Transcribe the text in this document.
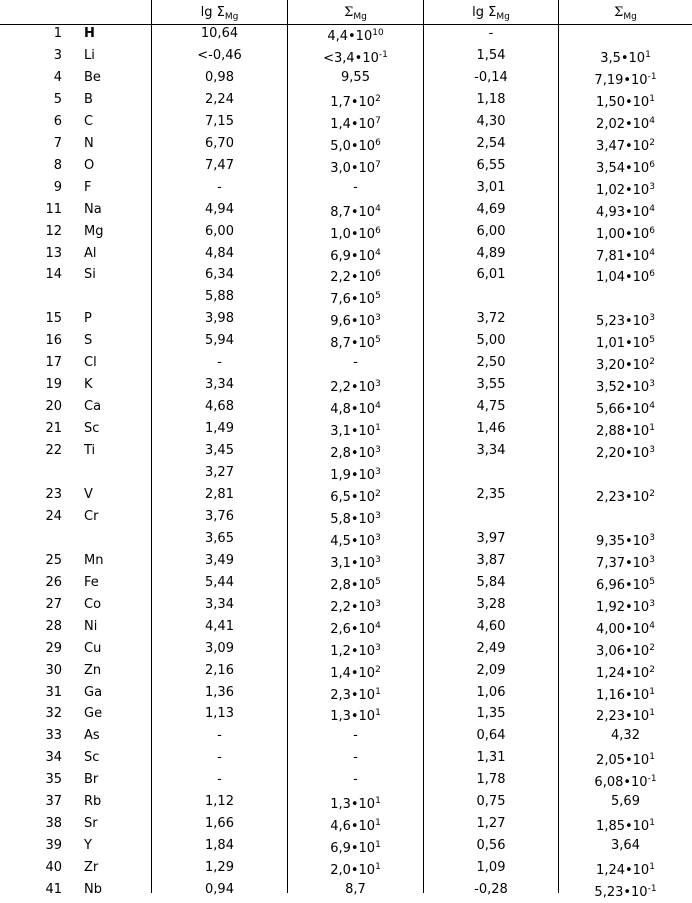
$\lg \Sigma_{Mg}$	$\Sigma_{Mg}$	$\lg \Sigma_{Mg}$	$\Sigma_{Mg}$
1 H	10,64	$4,4•10^{10}$	-
3 Li	<-0,46	$<3,4•10^{-1}$	1,54	$3,5•10^1$
4 Be	0,98	9,55	-0,14	$7,19•10^{-1}$
5 B	2,24	$1,7•10^2$	1,18	$1,50•10^1$
6 C	7,15	$1,4•10^7$	4,30	$2,02•10^4$
7 N	6,70	$5,0•10^6$	2,54	$3,47•10^2$
8 O	7,47	$3,0•10^7$	6,55	$3,54•10^6$
9 F	-	-	3,01	$1,02•10^3$
11 Na	4,94	$8,7•10^4$	4,69	$4,93•10^4$
12 Mg	6,00	$1,0•10^6$	6,00	$1,00•10^6$
13 Al	4,84	$6,9•10^4$	4,89	$7,81•10^4$
14 Si	6,34	$2,2•10^6$	6,01	$1,04•10^6$
5,88	$7,6•10^5$
15 P	3,98	$9,6•10^3$	3,72	$5,23•10^3$
16 S	5,94	$8,7•10^5$	5,00	$1,01•10^5$
17 Cl	-	-	2,50	$3,20•10^2$
19 K	3,34	$2,2•10^3$	3,55	$3,52•10^3$
20 Ca	4,68	$4,8•10^4$	4,75	$5,66•10^4$
21 Sc	1,49	$3,1•10^1$	1,46	$2,88•10^1$
22 Ti	3,45	$2,8•10^3$	3,34	$2,20•10^3$
3,27	$1,9•10^3$
23 V	2,81	$6,5•10^2$	2,35	$2,23•10^2$
24 Cr	3,76	$5,8•10^3$
3,65	$4,5•10^3$	3,97	$9,35•10^3$
25 Mn	3,49	$3,1•10^3$	3,87	$7,37•10^3$
26 Fe	5,44	$2,8•10^5$	5,84	$6,96•10^5$
27 Co	3,34	$2,2•10^3$	3,28	$1,92•10^3$
28 Ni	4,41	$2,6•10^4$	4,60	$4,00•10^4$
29 Cu	3,09	$1,2•10^3$	2,49	$3,06•10^2$
30 Zn	2,16	$1,4•10^2$	2,09	$1,24•10^2$
31 Ga	1,36	$2,3•10^1$	1,06	$1,16•10^1$
32 Ge	1,13	$1,3•10^1$	1,35	$2,23•10^1$
33 As	-	-	0,64	4,32
34 Sc	-	-	1,31	$2,05•10^1$
35 Br	-	-	1,78	$6,08•10^{-1}$
37 Rb	1,12	$1,3•10^1$	0,75	5,69
38 Sr	1,66	$4,6•10^1$	1,27	$1,85•10^1$
39 Y	1,84	$6,9•10^1$	0,56	3,64
40 Zr	1,29	$2,0•10^1$	1,09	$1,24•10^1$
41 Nb	0,94	8,7	-0,28	$5,23•10^{-1}$
